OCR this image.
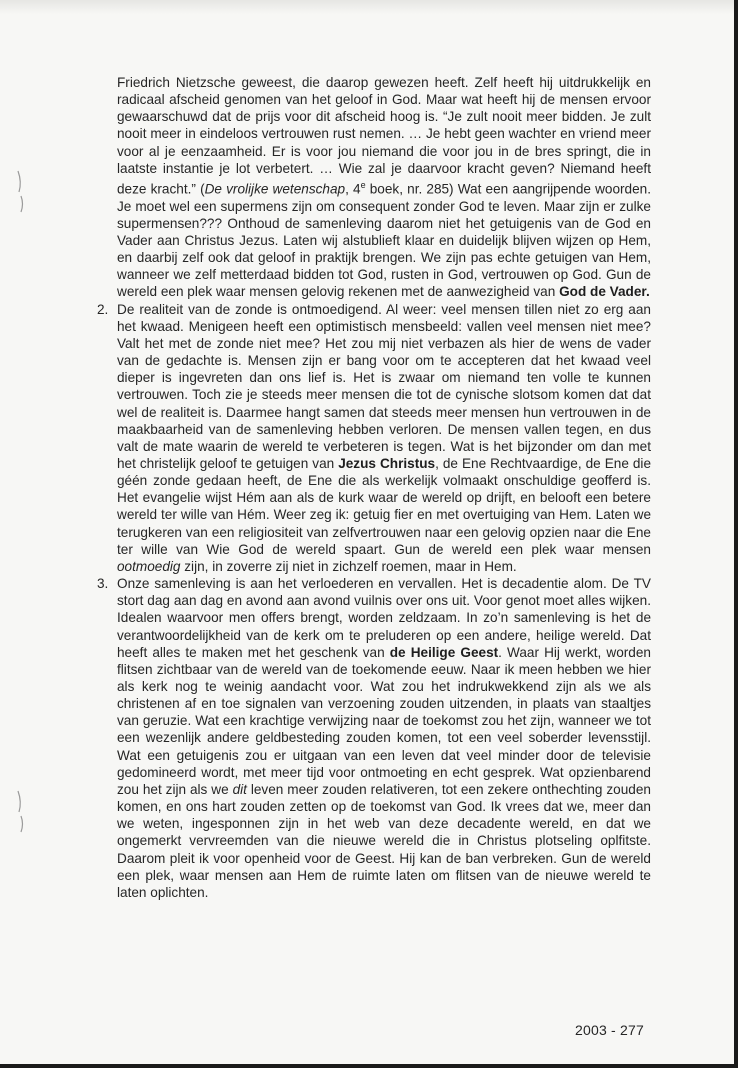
Friedrich Nietzsche geweest, die daarop gewezen heeft. Zelf heeft hij uitdrukkelijk en radicaal afscheid genomen van het geloof in God. Maar wat heeft hij de mensen ervoor gewaarschuwd dat de prijs voor dit afscheid hoog is. “Je zult nooit meer bidden. Je zult nooit meer in eindeloos vertrouwen rust nemen. … Je hebt geen wachter en vriend meer voor al je eenzaamheid. Er is voor jou niemand die voor jou in de bres springt, die in laatste instantie je lot verbetert. … Wie zal je daarvoor kracht geven? Niemand heeft deze kracht.” (De vrolijke wetenschap, 4e boek, nr. 285) Wat een aangrijpende woorden. Je moet wel een supermens zijn om consequent zonder God te leven. Maar zijn er zulke supermensen??? Onthoud de samenleving daarom niet het getuigenis van de God en Vader aan Christus Jezus. Laten wij alstublieft klaar en duidelijk blijven wijzen op Hem, en daarbij zelf ook dat geloof in praktijk brengen. We zijn pas echte getuigen van Hem, wanneer we zelf metterdaad bidden tot God, rusten in God, vertrouwen op God. Gun de wereld een plek waar mensen gelovig rekenen met de aanwezigheid van God de Vader.

2. De realiteit van de zonde is ontmoedigend. Al weer: veel mensen tillen niet zo erg aan het kwaad. Menigeen heeft een optimistisch mensbeeld: vallen veel mensen niet mee? Valt het met de zonde niet mee? Het zou mij niet verbazen als hier de wens de vader van de gedachte is. Mensen zijn er bang voor om te accepteren dat het kwaad veel dieper is ingevreten dan ons lief is. Het is zwaar om niemand ten volle te kunnen vertrouwen. Toch zie je steeds meer mensen die tot de cynische slotsom komen dat dat wel de realiteit is. Daarmee hangt samen dat steeds meer mensen hun vertrouwen in de maakbaarheid van de samenleving hebben verloren. De mensen vallen tegen, en dus valt de mate waarin de wereld te verbeteren is tegen. Wat is het bijzonder om dan met het christelijk geloof te getuigen van Jezus Christus, de Ene Rechtvaardige, de Ene die géén zonde gedaan heeft, de Ene die als werkelijk volmaakt onschuldige geofferd is. Het evangelie wijst Hém aan als de kurk waar de wereld op drijft, en belooft een betere wereld ter wille van Hém. Weer zeg ik: getuig fier en met overtuiging van Hem. Laten we terugkeren van een religiositeit van zelfvertrouwen naar een gelovig opzien naar die Ene ter wille van Wie God de wereld spaart. Gun de wereld een plek waar mensen ootmoedig zijn, in zoverre zij niet in zichzelf roemen, maar in Hem.
3. Onze samenleving is aan het verloederen en vervallen. Het is decadentie alom. De TV stort dag aan dag en avond aan avond vuilnis over ons uit. Voor genot moet alles wijken. Idealen waarvoor men offers brengt, worden zeldzaam. In zo’n samenleving is het de verantwoordelijkheid van de kerk om te preluderen op een andere, heilige wereld. Dat heeft alles te maken met het geschenk van de Heilige Geest. Waar Hij werkt, worden flitsen zichtbaar van de wereld van de toekomende eeuw. Naar ik meen hebben we hier als kerk nog te weinig aandacht voor. Wat zou het indrukwekkend zijn als we als christenen af en toe signalen van verzoening zouden uitzenden, in plaats van staaltjes van geruzie. Wat een krachtige verwijzing naar de toekomst zou het zijn, wanneer we tot een wezenlijk andere geldbesteding zouden komen, tot een veel soberder levensstijl. Wat een getuigenis zou er uitgaan van een leven dat veel minder door de televisie gedomineerd wordt, met meer tijd voor ontmoeting en echt gesprek. Wat opzienbarend zou het zijn als we dit leven meer zouden relativeren, tot een zekere onthechting zouden komen, en ons hart zouden zetten op de toekomst van God. Ik vrees dat we, meer dan we weten, ingesponnen zijn in het web van deze decadente wereld, en dat we ongemerkt vervreemden van die nieuwe wereld die in Christus plotseling oplfitste. Daarom pleit ik voor openheid voor de Geest. Hij kan de ban verbreken. Gun de wereld een plek, waar mensen aan Hem de ruimte laten om flitsen van de nieuwe wereld te laten oplichten.
2003 - 277
